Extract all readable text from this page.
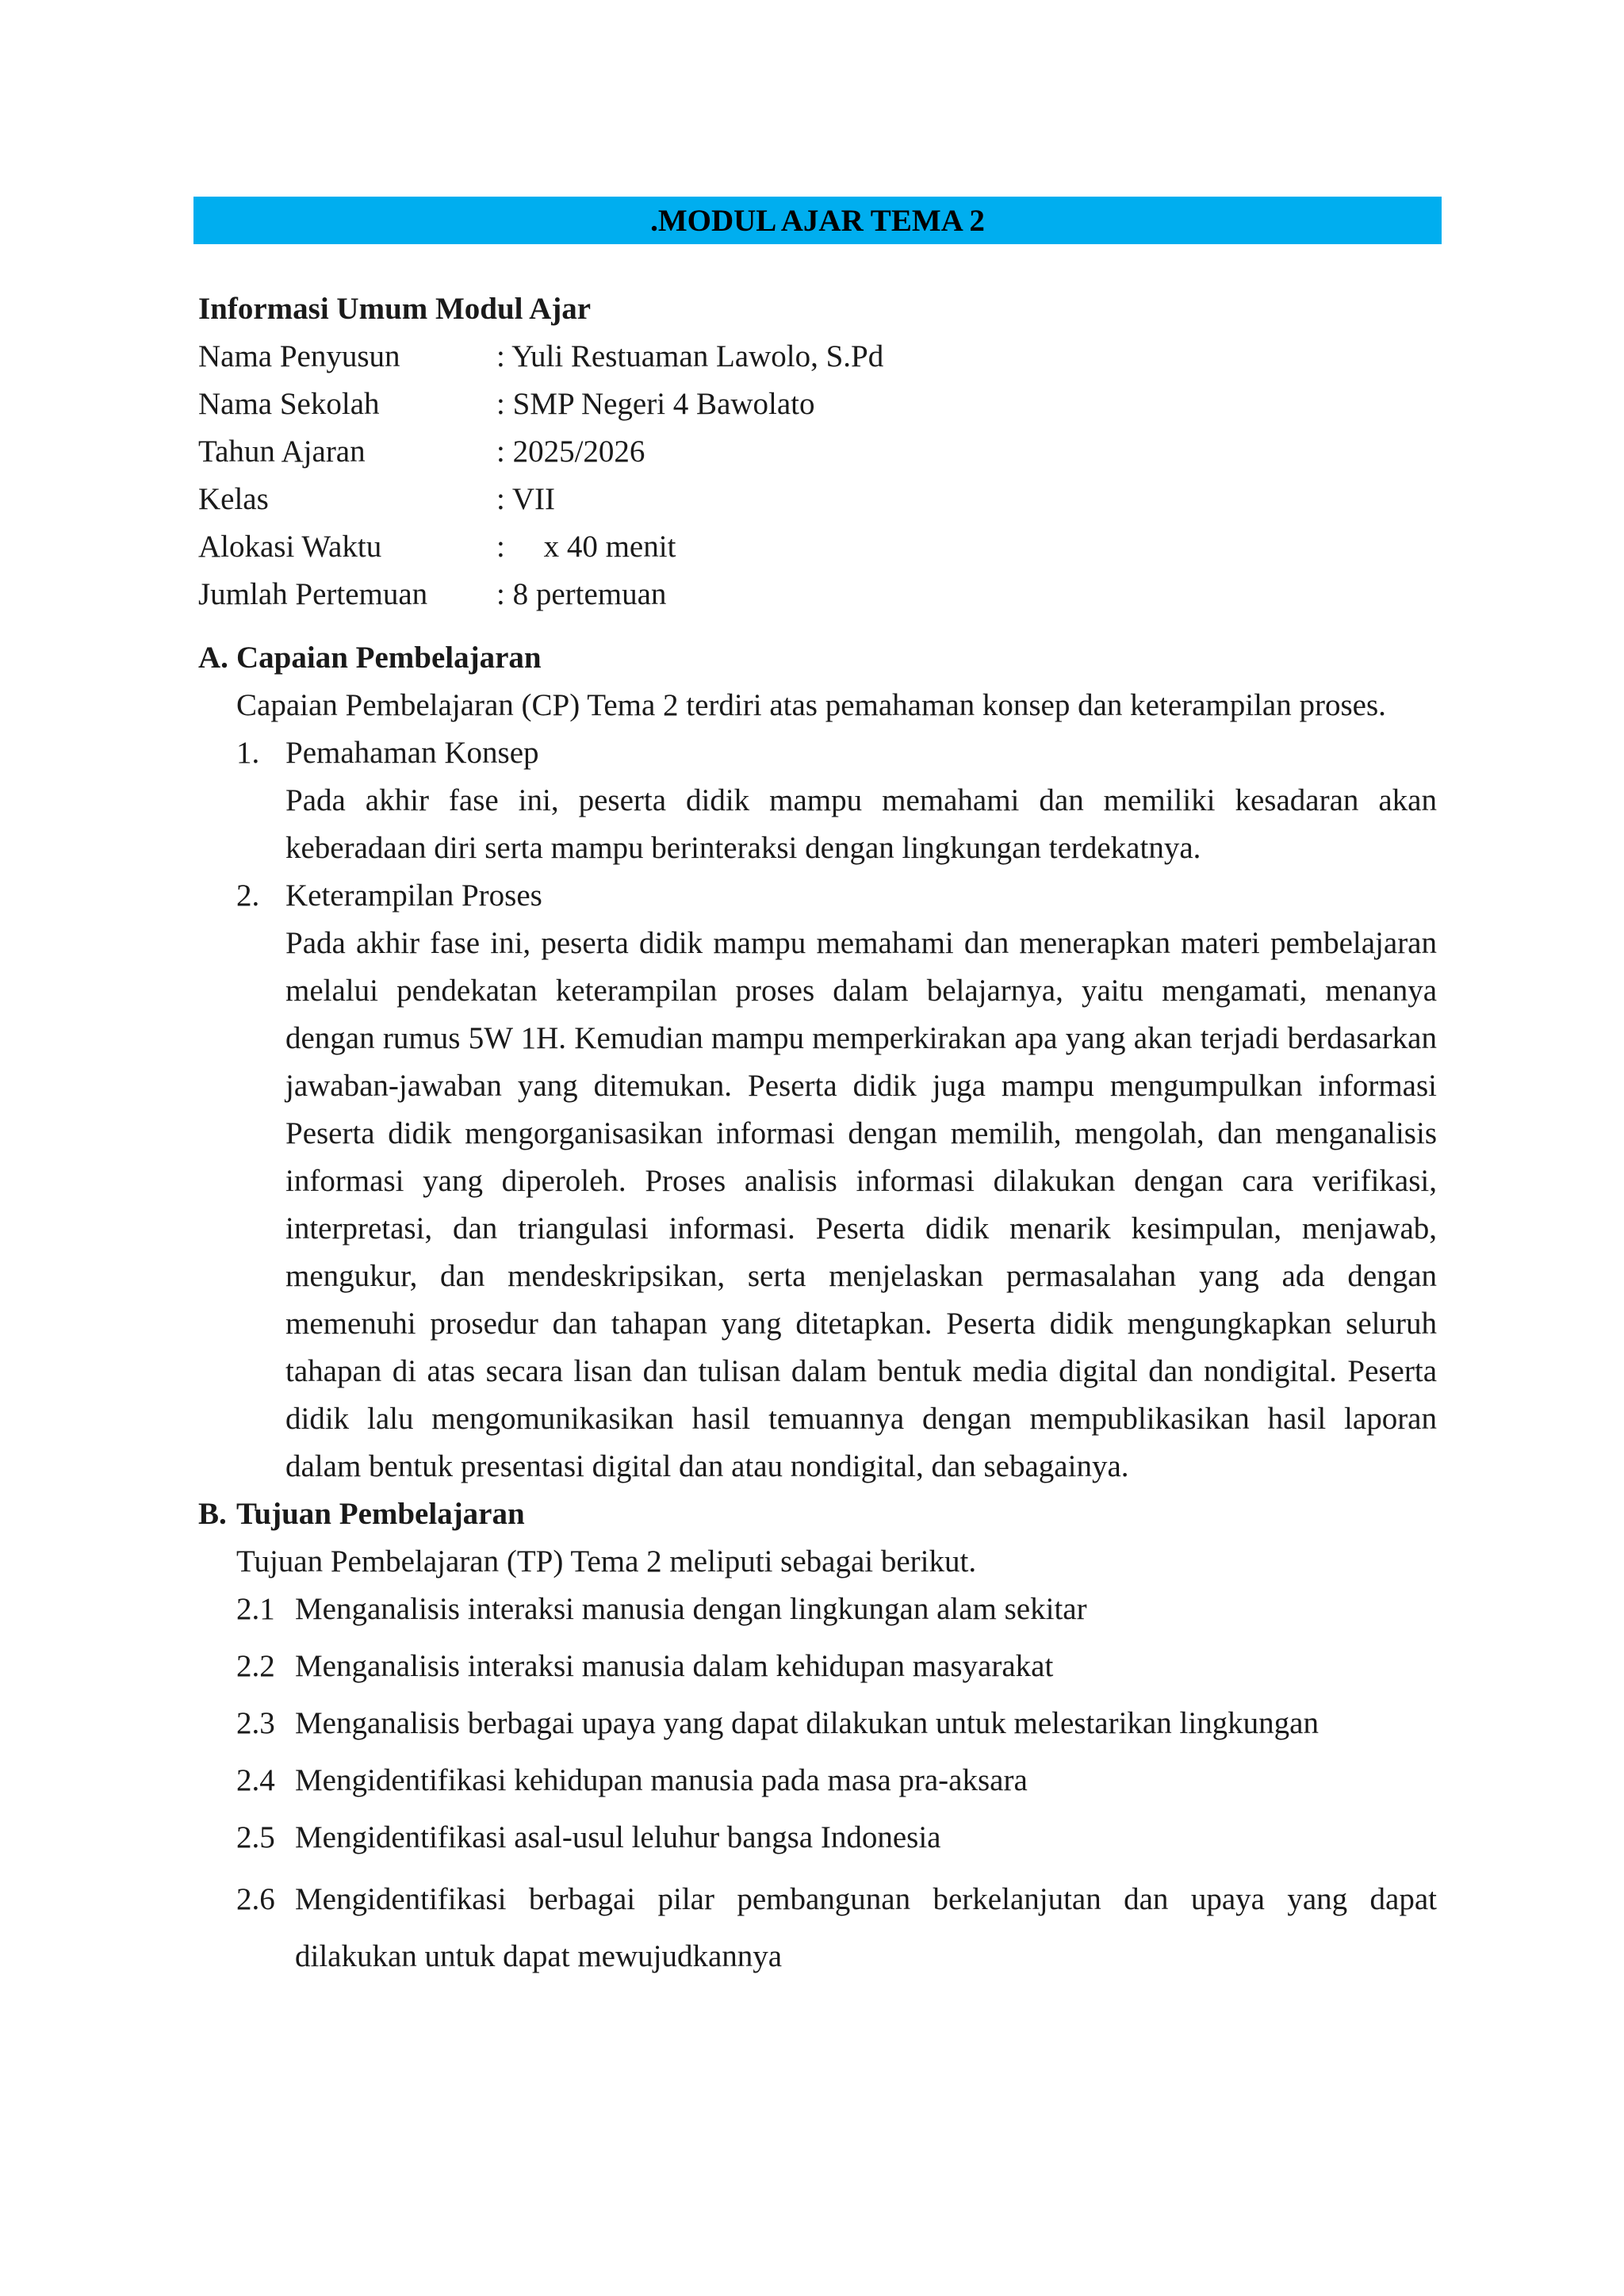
.MODUL AJAR TEMA 2
Informasi Umum Modul Ajar
Nama Penyusun	: Yuli Restuaman Lawolo, S.Pd
Nama Sekolah	: SMP Negeri 4 Bawolato
Tahun Ajaran	: 2025/2026
Kelas	: VII
Alokasi Waktu	:     x 40 menit
Jumlah Pertemuan	: 8 pertemuan
A. Capaian Pembelajaran
Capaian Pembelajaran (CP) Tema 2 terdiri atas pemahaman konsep dan keterampilan proses.
1. Pemahaman Konsep
Pada akhir fase ini, peserta didik mampu memahami dan memiliki kesadaran akan keberadaan diri serta mampu berinteraksi dengan lingkungan terdekatnya.
2. Keterampilan Proses
Pada akhir fase ini, peserta didik mampu memahami dan menerapkan materi pembelajaran melalui pendekatan keterampilan proses dalam belajarnya, yaitu mengamati, menanya dengan rumus 5W 1H. Kemudian mampu memperkirakan apa yang akan terjadi berdasarkan jawaban-jawaban yang ditemukan. Peserta didik juga mampu mengumpulkan informasi Peserta didik mengorganisasikan informasi dengan memilih, mengolah, dan menganalisis informasi yang diperoleh. Proses analisis informasi dilakukan dengan cara verifikasi, interpretasi, dan triangulasi informasi. Peserta didik menarik kesimpulan, menjawab, mengukur, dan mendeskripsikan, serta menjelaskan permasalahan yang ada dengan memenuhi prosedur dan tahapan yang ditetapkan. Peserta didik mengungkapkan seluruh tahapan di atas secara lisan dan tulisan dalam bentuk media digital dan nondigital. Peserta didik lalu mengomunikasikan hasil temuannya dengan mempublikasikan hasil laporan dalam bentuk presentasi digital dan atau nondigital, dan sebagainya.
B. Tujuan Pembelajaran
Tujuan Pembelajaran (TP) Tema 2 meliputi sebagai berikut.
2.1 Menganalisis interaksi manusia dengan lingkungan alam sekitar
2.2 Menganalisis interaksi manusia dalam kehidupan masyarakat
2.3 Menganalisis berbagai upaya yang dapat dilakukan untuk melestarikan lingkungan
2.4 Mengidentifikasi kehidupan manusia pada masa pra-aksara
2.5 Mengidentifikasi asal-usul leluhur bangsa Indonesia
2.6 Mengidentifikasi berbagai pilar pembangunan berkelanjutan dan upaya yang dapat dilakukan untuk dapat mewujudkannya
